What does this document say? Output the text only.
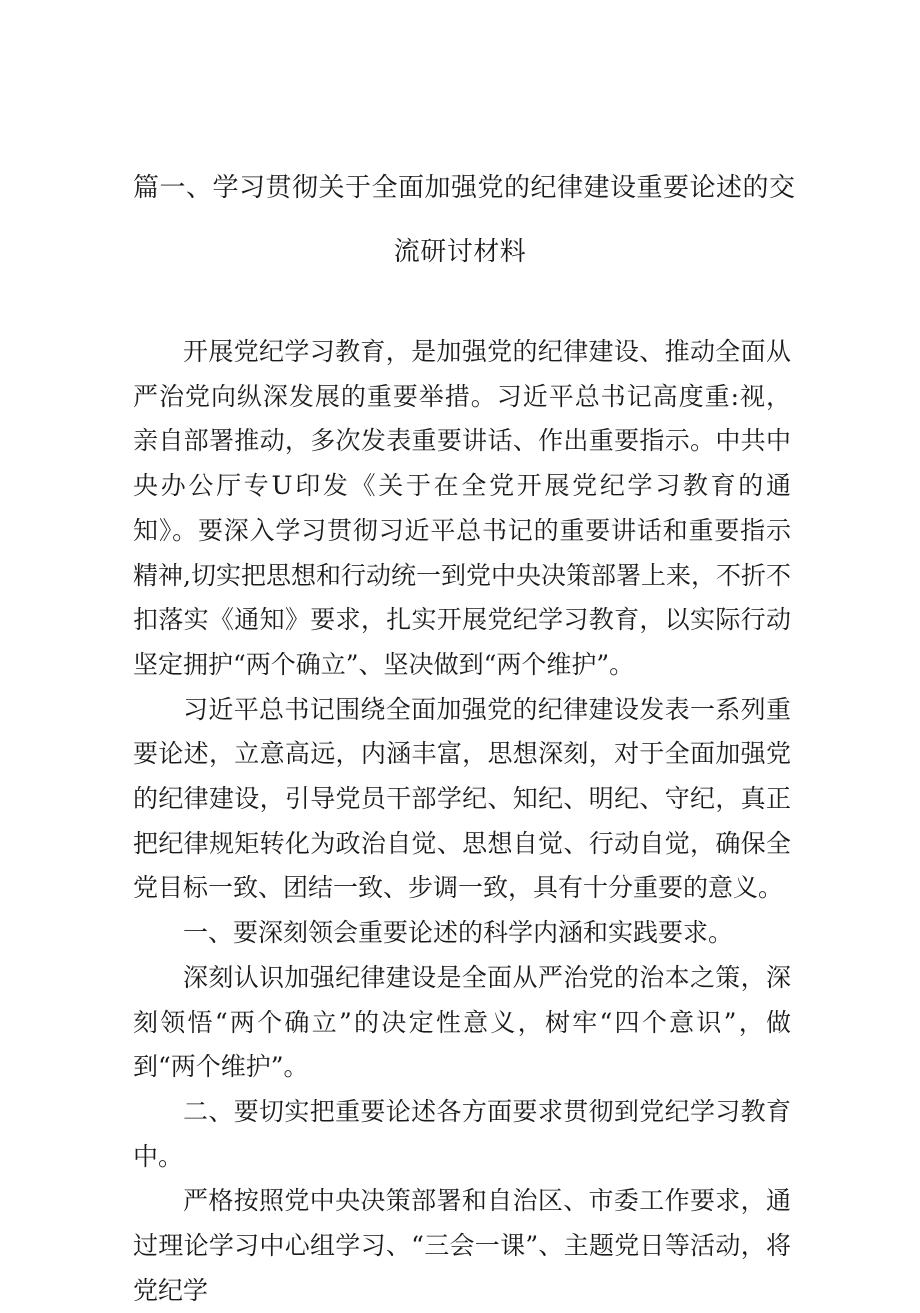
篇一、学习贯彻关于全面加强党的纪律建设重要论述的交
流研讨材料

开展党纪学习教育，是加强党的纪律建设、推动全面从严治党向纵深发展的重要举措。习近平总书记高度重:视，亲自部署推动，多次发表重要讲话、作出重要指示。中共中央办公厅专U印发《关于在全党开展党纪学习教育的通知》。要深入学习贯彻习近平总书记的重要讲话和重要指示精神,切实把思想和行动统一到党中央决策部署上来，不折不扣落实《通知》要求，扎实开展党纪学习教育，以实际行动坚定拥护“两个确立”、坚决做到“两个维护”。

习近平总书记围绕全面加强党的纪律建设发表一系列重要论述，立意高远，内涵丰富，思想深刻，对于全面加强党的纪律建设，引导党员干部学纪、知纪、明纪、守纪，真正把纪律规矩转化为政治自觉、思想自觉、行动自觉，确保全党目标一致、团结一致、步调一致，具有十分重要的意义。

一、要深刻领会重要论述的科学内涵和实践要求。

深刻认识加强纪律建设是全面从严治党的治本之策，深刻领悟“两个确立”的决定性意义，树牢“四个意识”，做到“两个维护”。

二、要切实把重要论述各方面要求贯彻到党纪学习教育中。

严格按照党中央决策部署和自治区、市委工作要求，通过理论学习中心组学习、“三会一课”、主题党日等活动，将党纪学
